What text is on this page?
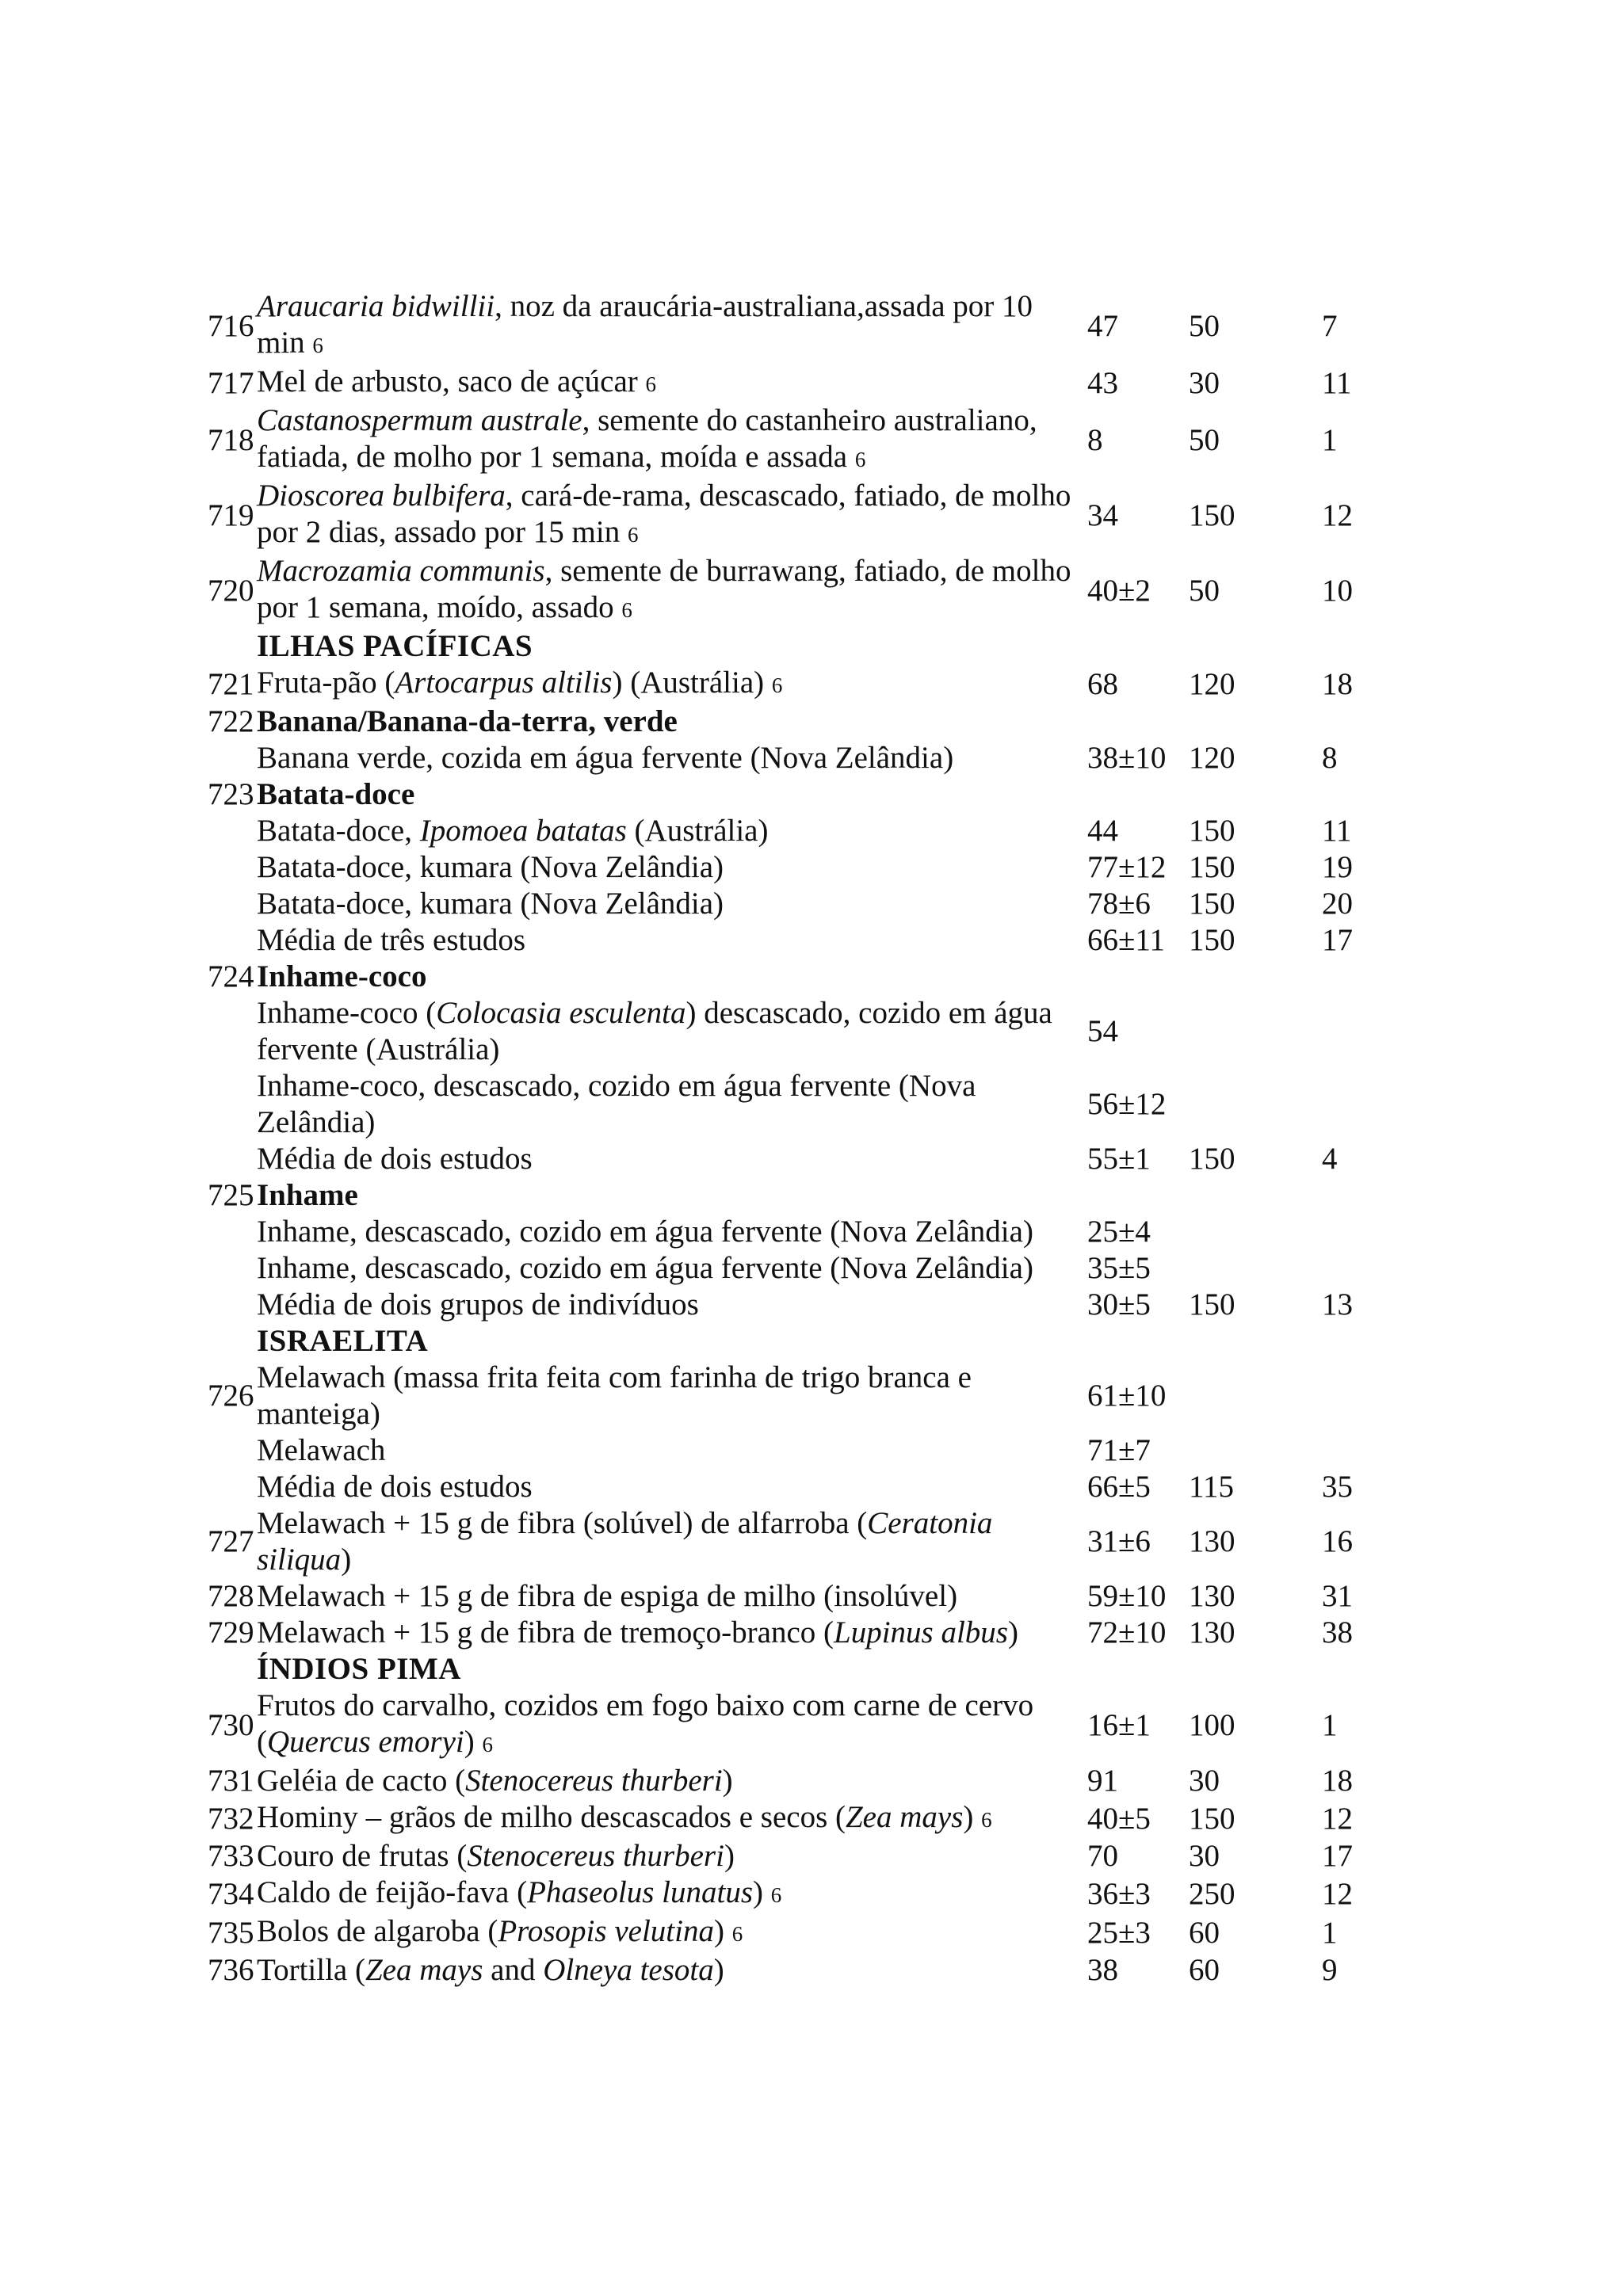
716	Araucaria bidwillii, noz da araucária-australiana,assada por 10 min 6	47	50	7
717	Mel de arbusto, saco de açúcar 6	43	30	11
718	Castanospermum australe, semente do castanheiro australiano, fatiada, de molho por 1 semana, moída e assada 6	8	50	1
719	Dioscorea bulbifera, cará-de-rama, descascado, fatiado, de molho por 2 dias, assado por 15 min 6	34	150	12
720	Macrozamia communis, semente de burrawang, fatiado, de molho por 1 semana, moído, assado 6	40±2	50	10
	ILHAS PACÍFICAS			
721	Fruta-pão (Artocarpus altilis) (Austrália) 6	68	120	18
722	Banana/Banana-da-terra, verde			
	Banana verde, cozida em água fervente (Nova Zelândia)	38±10	120	8
723	Batata-doce			
	Batata-doce, Ipomoea batatas (Austrália)	44	150	11
	Batata-doce, kumara (Nova Zelândia)	77±12	150	19
	Batata-doce, kumara (Nova Zelândia)	78±6	150	20
	Média de três estudos	66±11	150	17
724	Inhame-coco			
	Inhame-coco (Colocasia esculenta) descascado, cozido em água fervente (Austrália)	54		
	Inhame-coco, descascado, cozido em água fervente (Nova Zelândia)	56±12		
	Média de dois estudos	55±1	150	4
725	Inhame			
	Inhame, descascado, cozido em água fervente (Nova Zelândia)	25±4		
	Inhame, descascado, cozido em água fervente (Nova Zelândia)	35±5		
	Média de dois grupos de indivíduos	30±5	150	13
	ISRAELITA			
726	Melawach (massa frita feita com farinha de trigo branca e manteiga)	61±10		
	Melawach	71±7		
	Média de dois estudos	66±5	115	35
727	Melawach + 15 g de fibra (solúvel) de alfarroba (Ceratonia siliqua)	31±6	130	16
728	Melawach + 15 g de fibra de espiga de milho (insolúvel)	59±10	130	31
729	Melawach + 15 g de fibra de tremoço-branco (Lupinus albus)	72±10	130	38
	ÍNDIOS PIMA			
730	Frutos do carvalho, cozidos em fogo baixo com carne de cervo (Quercus emoryi) 6	16±1	100	1
731	Geléia de cacto (Stenocereus thurberi)	91	30	18
732	Hominy – grãos de milho descascados e secos (Zea mays) 6	40±5	150	12
733	Couro de frutas (Stenocereus thurberi)	70	30	17
734	Caldo de feijão-fava (Phaseolus lunatus) 6	36±3	250	12
735	Bolos de algaroba (Prosopis velutina) 6	25±3	60	1
736	Tortilla (Zea mays and Olneya tesota)	38	60	9
